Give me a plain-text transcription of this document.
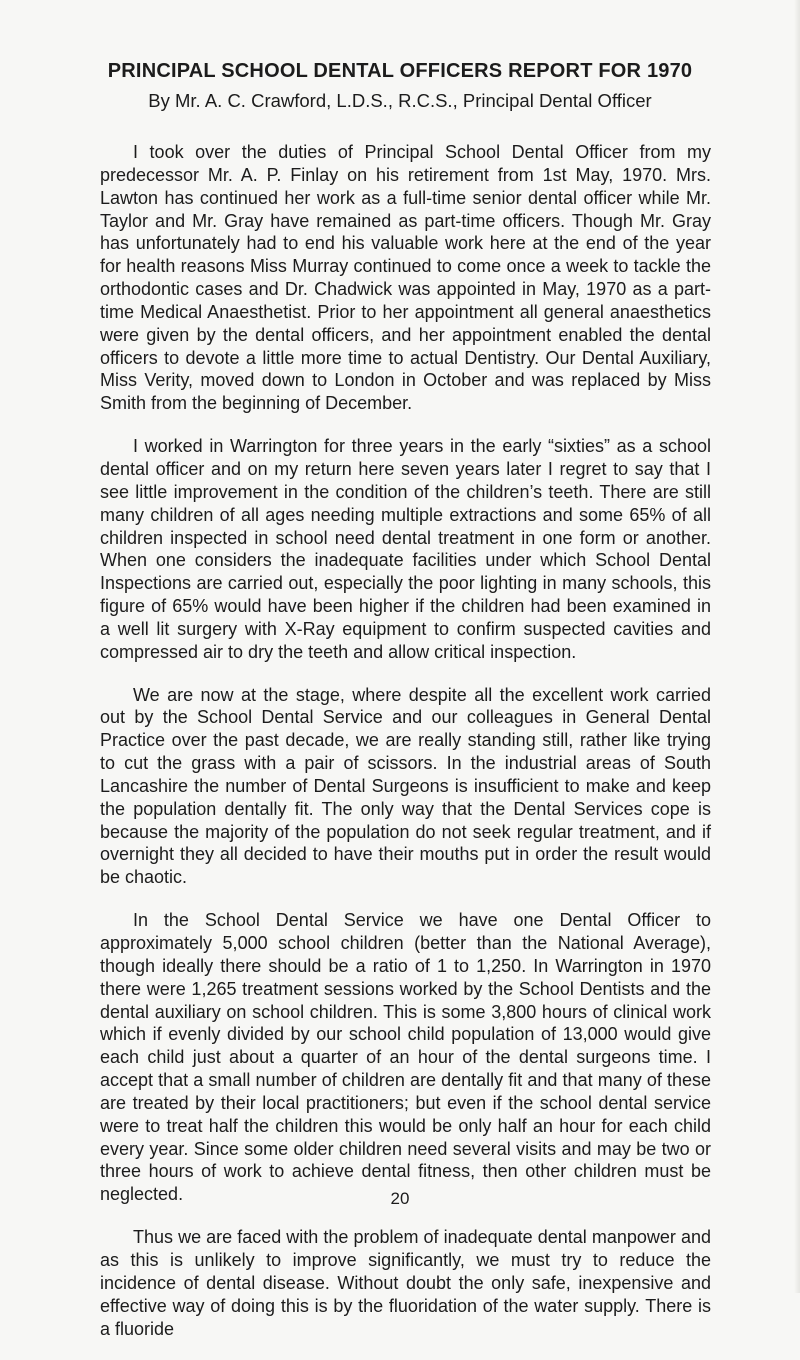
PRINCIPAL SCHOOL DENTAL OFFICERS REPORT FOR 1970
By Mr. A. C. Crawford, L.D.S., R.C.S., Principal Dental Officer

I took over the duties of Principal School Dental Officer from my predecessor Mr. A. P. Finlay on his retirement from 1st May, 1970. Mrs. Lawton has continued her work as a full-time senior dental officer while Mr. Taylor and Mr. Gray have remained as part-time officers. Though Mr. Gray has unfortunately had to end his valuable work here at the end of the year for health reasons Miss Murray continued to come once a week to tackle the orthodontic cases and Dr. Chadwick was appointed in May, 1970 as a part-time Medical Anaesthetist. Prior to her appointment all general anaesthetics were given by the dental officers, and her appointment enabled the dental officers to devote a little more time to actual Dentistry. Our Dental Auxiliary, Miss Verity, moved down to London in October and was replaced by Miss Smith from the beginning of December.

I worked in Warrington for three years in the early “sixties” as a school dental officer and on my return here seven years later I regret to say that I see little improvement in the condition of the children’s teeth. There are still many children of all ages needing multiple extractions and some 65% of all children inspected in school need dental treatment in one form or another. When one considers the inadequate facilities under which School Dental Inspections are carried out, especially the poor lighting in many schools, this figure of 65% would have been higher if the children had been examined in a well lit surgery with X-Ray equipment to confirm suspected cavities and compressed air to dry the teeth and allow critical inspection.

We are now at the stage, where despite all the excellent work carried out by the School Dental Service and our colleagues in General Dental Practice over the past decade, we are really standing still, rather like trying to cut the grass with a pair of scissors. In the industrial areas of South Lancashire the number of Dental Surgeons is insufficient to make and keep the population dentally fit. The only way that the Dental Services cope is because the majority of the population do not seek regular treatment, and if overnight they all decided to have their mouths put in order the result would be chaotic.

In the School Dental Service we have one Dental Officer to approximately 5,000 school children (better than the National Average), though ideally there should be a ratio of 1 to 1,250. In Warrington in 1970 there were 1,265 treatment sessions worked by the School Dentists and the dental auxiliary on school children. This is some 3,800 hours of clinical work which if evenly divided by our school child population of 13,000 would give each child just about a quarter of an hour of the dental surgeons time. I accept that a small number of children are dentally fit and that many of these are treated by their local practitioners; but even if the school dental service were to treat half the children this would be only half an hour for each child every year. Since some older children need several visits and may be two or three hours of work to achieve dental fitness, then other children must be neglected.

Thus we are faced with the problem of inadequate dental manpower and as this is unlikely to improve significantly, we must try to reduce the incidence of dental disease. Without doubt the only safe, inexpensive and effective way of doing this is by the fluoridation of the water supply. There is a fluoride

20
